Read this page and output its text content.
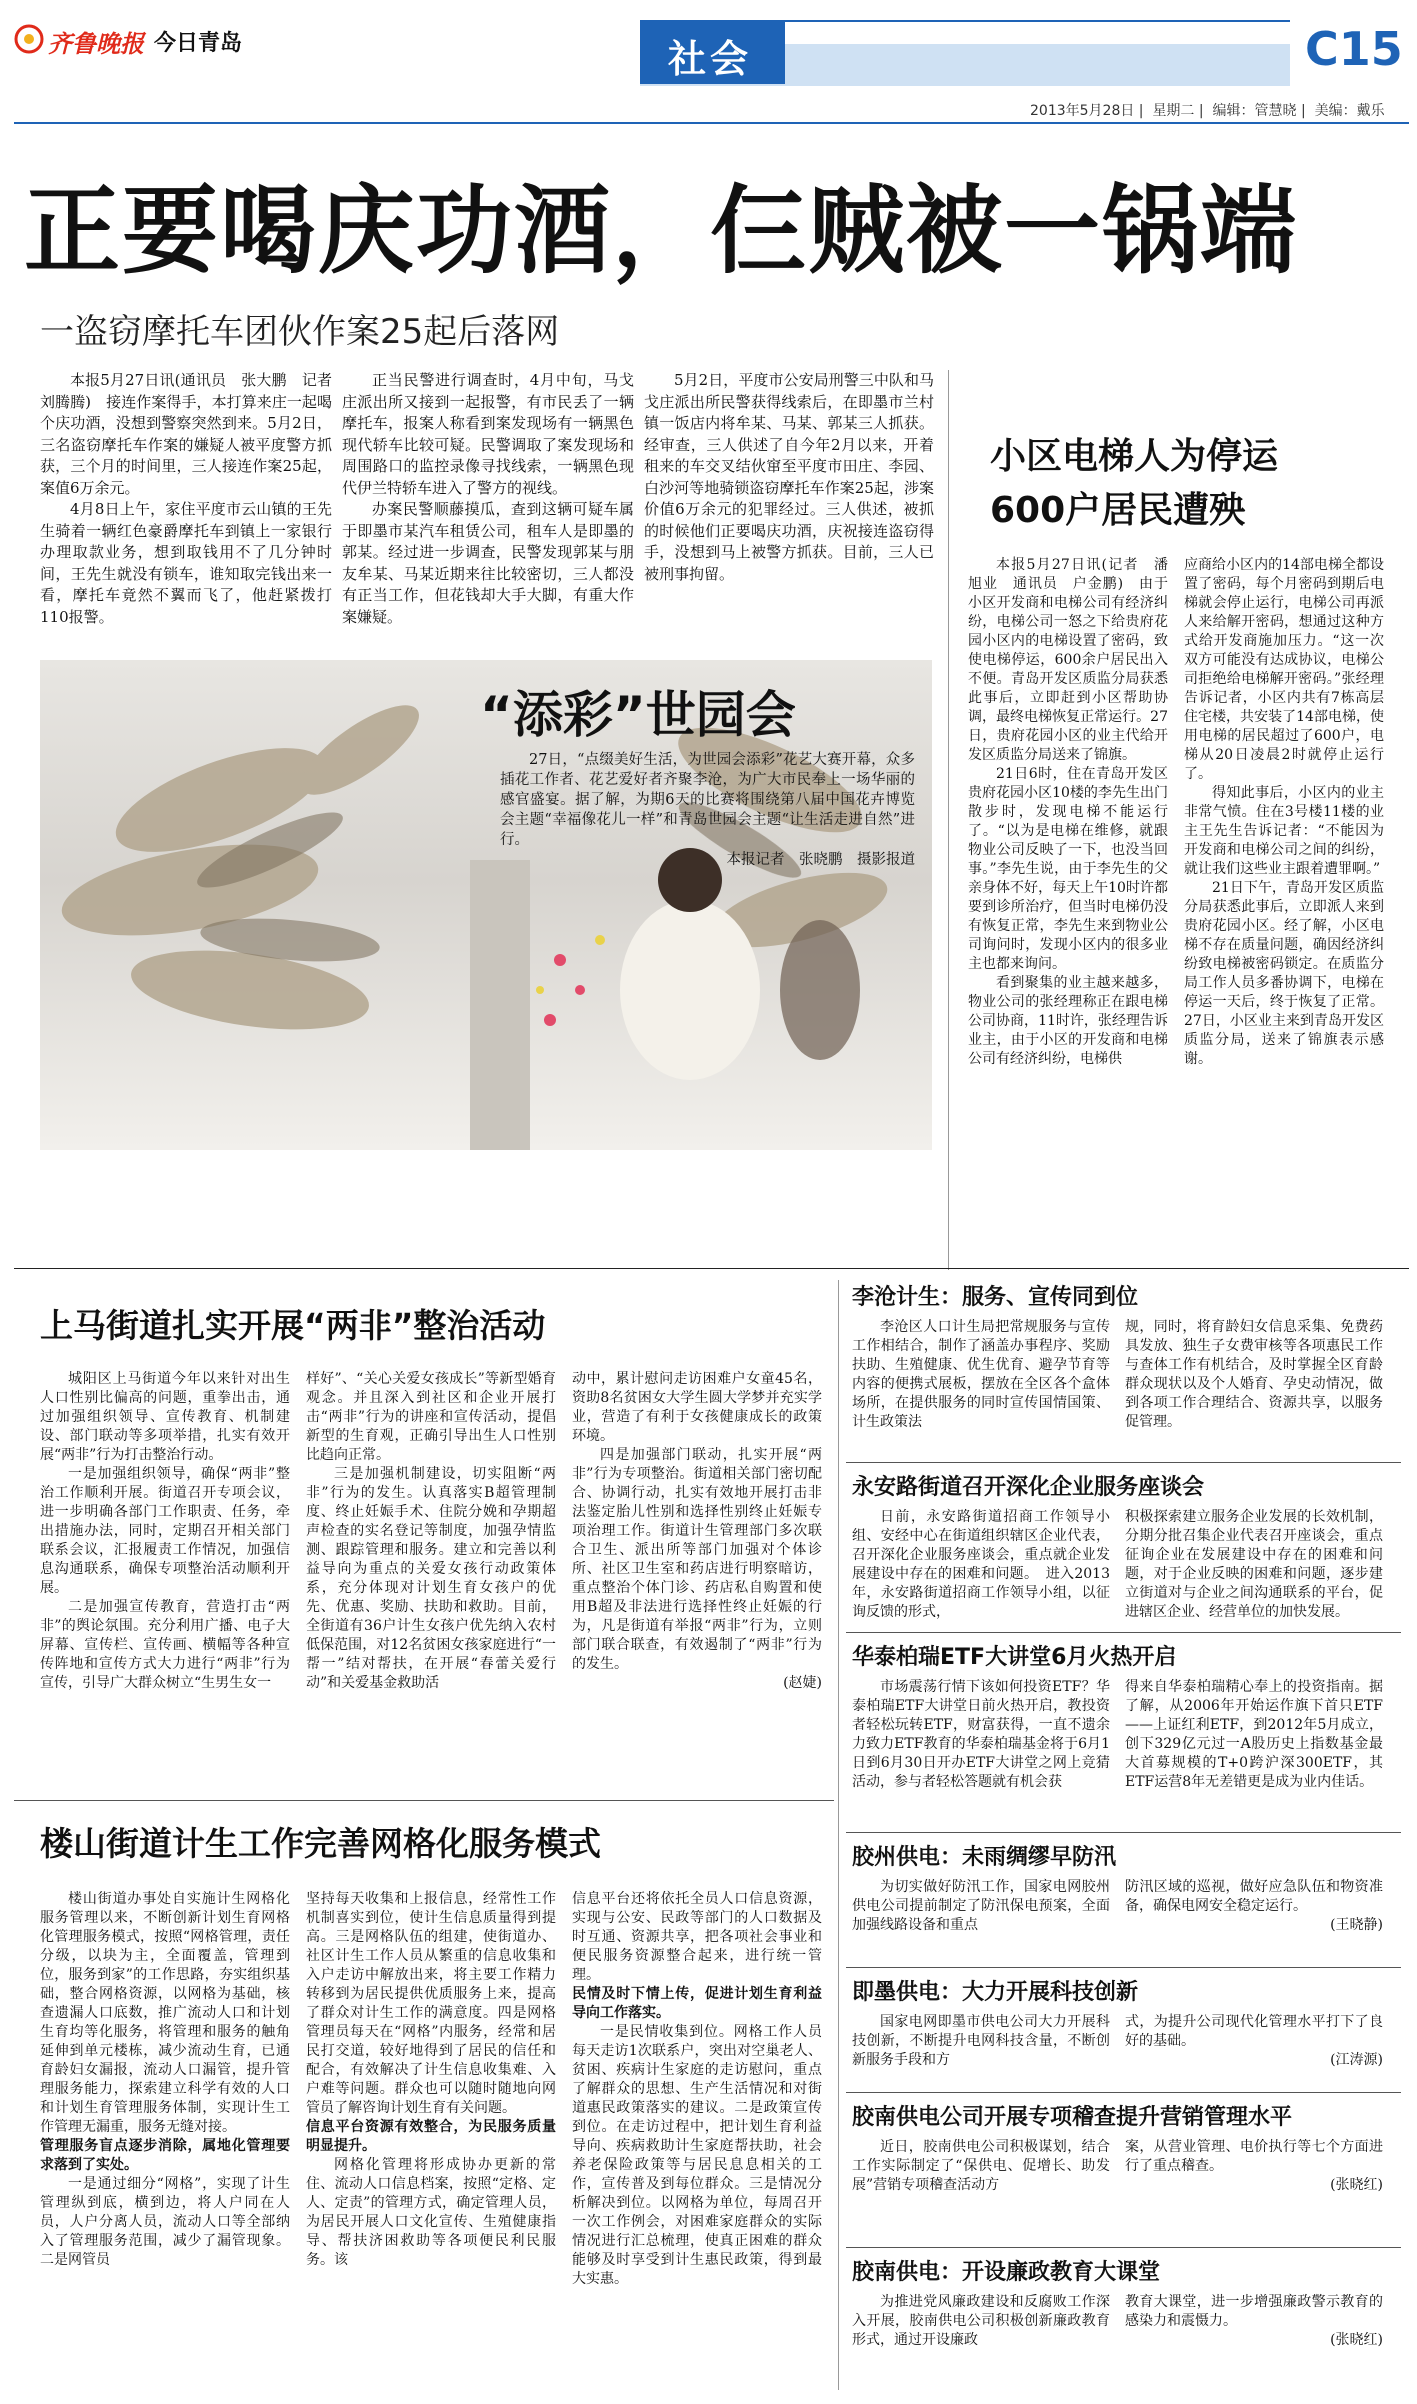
齐鲁晚报 今日青岛	社会	C15
2013年5月28日 |  星期二 |  编辑：管慧晓 |  美编：戴乐
正要喝庆功酒，仨贼被一锅端
一盗窃摩托车团伙作案25起后落网

本报5月27日讯(通讯员　张大鹏　记者　刘腾腾)　接连作案得手，本打算来庄一起喝个庆功酒，没想到警察突然到来。5月2日，三名盗窃摩托车作案的嫌疑人被平度警方抓获，三个月的时间里，三人接连作案25起，案值6万余元。

4月8日上午，家住平度市云山镇的王先生骑着一辆红色豪爵摩托车到镇上一家银行办理取款业务，想到取钱用不了几分钟时间，王先生就没有锁车，谁知取完钱出来一看，摩托车竟然不翼而飞了，他赶紧拨打110报警。

正当民警进行调查时，4月中旬，马戈庄派出所又接到一起报警，有市民丢了一辆摩托车，报案人称看到案发现场有一辆黑色现代轿车比较可疑。民警调取了案发现场和周围路口的监控录像寻找线索，一辆黑色现代伊兰特轿车进入了警方的视线。

办案民警顺藤摸瓜，查到这辆可疑车属于即墨市某汽车租赁公司，租车人是即墨的郭某。经过进一步调查，民警发现郭某与朋友牟某、马某近期来往比较密切，三人都没有正当工作，但花钱却大手大脚，有重大作案嫌疑。

5月2日，平度市公安局刑警三中队和马戈庄派出所民警获得线索后，在即墨市兰村镇一饭店内将牟某、马某、郭某三人抓获。经审查，三人供述了自今年2月以来，开着租来的车交叉结伙窜至平度市田庄、李园、白沙河等地骑锁盗窃摩托车作案25起，涉案价值6万余元的犯罪经过。三人供述，被抓的时候他们正要喝庆功酒，庆祝接连盗窃得手，没想到马上被警方抓获。目前，三人已被刑事拘留。

“添彩”世园会

27日，“点缀美好生活，为世园会添彩”花艺大赛开幕，众多插花工作者、花艺爱好者齐聚李沧，为广大市民奉上一场华丽的感官盛宴。据了解，为期6天的比赛将围绕第八届中国花卉博览会主题“幸福像花儿一样”和青岛世园会主题“让生活走进自然”进行。

本报记者　张晓鹏　摄影报道

小区电梯人为停运
600户居民遭殃

本报5月27日讯(记者　潘旭业　通讯员　户金鹏)　由于小区开发商和电梯公司有经济纠纷，电梯公司一怒之下给贵府花园小区内的电梯设置了密码，致使电梯停运，600余户居民出入不便。青岛开发区质监分局获悉此事后，立即赶到小区帮助协调，最终电梯恢复正常运行。27日，贵府花园小区的业主代给开发区质监分局送来了锦旗。

21日6时，住在青岛开发区贵府花园小区10楼的李先生出门散步时，发现电梯不能运行了。“以为是电梯在维修，就跟物业公司反映了一下，也没当回事。”李先生说，由于李先生的父亲身体不好，每天上午10时许都要到诊所治疗，但当时电梯仍没有恢复正常，李先生来到物业公司询问时，发现小区内的很多业主也都来询问。

看到聚集的业主越来越多，物业公司的张经理称正在跟电梯公司协商，11时许，张经理告诉业主，由于小区的开发商和电梯公司有经济纠纷，电梯供

应商给小区内的14部电梯全都设置了密码，每个月密码到期后电梯就会停止运行，电梯公司再派人来给解开密码，想通过这种方式给开发商施加压力。“这一次双方可能没有达成协议，电梯公司拒绝给电梯解开密码。”张经理告诉记者，小区内共有7栋高层住宅楼，共安装了14部电梯，使用电梯的居民超过了600户，电梯从20日凌晨2时就停止运行了。

得知此事后，小区内的业主非常气愤。住在3号楼11楼的业主王先生告诉记者：“不能因为开发商和电梯公司之间的纠纷，就让我们这些业主跟着遭罪啊。”

21日下午，青岛开发区质监分局获悉此事后，立即派人来到贵府花园小区。经了解，小区电梯不存在质量问题，确因经济纠纷致电梯被密码锁定。在质监分局工作人员多番协调下，电梯在停运一天后，终于恢复了正常。27日，小区业主来到青岛开发区质监分局，送来了锦旗表示感谢。

上马街道扎实开展“两非”整治活动

城阳区上马街道今年以来针对出生人口性别比偏高的问题，重拳出击，通过加强组织领导、宣传教育、机制建设、部门联动等多项举措，扎实有效开展“两非”行为打击整治行动。

一是加强组织领导，确保“两非”整治工作顺利开展。街道召开专项会议，进一步明确各部门工作职责、任务，牵出措施办法，同时，定期召开相关部门联系会议，汇报履责工作情况，加强信息沟通联系，确保专项整治活动顺利开展。

二是加强宣传教育，营造打击“两非”的舆论氛围。充分利用广播、电子大屏幕、宣传栏、宣传画、横幅等各种宣传阵地和宣传方式大力进行“两非”行为宣传，引导广大群众树立“生男生女一

样好”、“关心关爱女孩成长”等新型婚育观念。并且深入到社区和企业开展打击“两非”行为的讲座和宣传活动，提倡新型的生育观，正确引导出生人口性别比趋向正常。

三是加强机制建设，切实阻断“两非”行为的发生。认真落实B超管理制度、终止妊娠手术、住院分娩和孕期超声检查的实名登记等制度，加强孕情监测、跟踪管理和服务。建立和完善以利益导向为重点的关爱女孩行动政策体系，充分体现对计划生育女孩户的优先、优惠、奖励、扶助和救助。目前，全街道有36户计生女孩户优先纳入农村低保范围，对12名贫困女孩家庭进行“一帮一”结对帮扶，在开展“春蕾关爱行动”和关爱基金救助活

动中，累计慰问走访困难户女童45名，资助8名贫困女大学生圆大学梦并充实学业，营造了有利于女孩健康成长的政策环境。

四是加强部门联动，扎实开展“两非”行为专项整治。街道相关部门密切配合、协调行动，扎实有效地开展打击非法鉴定胎儿性别和选择性别终止妊娠专项治理工作。街道计生管理部门多次联合卫生、派出所等部门加强对个体诊所、社区卫生室和药店进行明察暗访，重点整治个体门诊、药店私自购置和使用B超及非法进行选择性终止妊娠的行为，凡是街道有举报“两非”行为，立则部门联合联查，有效遏制了“两非”行为的发生。

(赵婕)

楼山街道计生工作完善网格化服务模式

楼山街道办事处自实施计生网格化服务管理以来，不断创新计划生育网格化管理服务模式，按照“网格管理，责任分级，以块为主，全面覆盖，管理到位，服务到家”的工作思路，夯实组织基础，整合网格资源，以网格为基础，核查遗漏人口底数，推广流动人口和计划生育均等化服务，将管理和服务的触角延伸到单元楼栋，减少流动生育，已通育龄妇女漏报，流动人口漏管，提升管理服务能力，探索建立科学有效的人口和计划生育管理服务体制，实现计生工作管理无漏重，服务无缝对接。

管理服务盲点逐步消除，属地化管理要求落到了实处。

一是通过细分“网格”，实现了计生管理纵到底，横到边，将人户同在人员，人户分离人员，流动人口等全部纳入了管理服务范围，减少了漏管现象。二是网管员

坚持每天收集和上报信息，经常性工作机制喜实到位，使计生信息质量得到提高。三是网格队伍的组建，使街道办、社区计生工作人员从繁重的信息收集和入户走访中解放出来，将主要工作精力转移到为居民提供优质服务上来，提高了群众对计生工作的满意度。四是网格管理员每天在“网格”内服务，经常和居民打交道，较好地得到了居民的信任和配合，有效解决了计生信息收集难、入户难等问题。群众也可以随时随地向网管员了解咨询计划生育有关问题。

信息平台资源有效整合，为民服务质量明显提升。

网格化管理将形成协办更新的常住、流动人口信息档案，按照“定格、定人、定责”的管理方式，确定管理人员，为居民开展人口文化宣传、生殖健康指导、帮扶济困救助等各项便民利民服务。该

信息平台还将依托全员人口信息资源，实现与公安、民政等部门的人口数据及时互通、资源共享，把各项社会事业和便民服务资源整合起来，进行统一管理。

民情及时下情上传，促进计划生育利益导向工作落实。

一是民情收集到位。网格工作人员每天走访1次联系户，突出对空巢老人、贫困、疾病计生家庭的走访慰问，重点了解群众的思想、生产生活情况和对街道惠民政策落实的建议。二是政策宣传到位。在走访过程中，把计划生育利益导向、疾病救助计生家庭帮扶助，社会养老保险政策等与居民息息相关的工作，宣传普及到每位群众。三是情况分析解决到位。以网格为单位，每周召开一次工作例会，对困难家庭群众的实际情况进行汇总梳理，使真正困难的群众能够及时享受到计生惠民政策，得到最大实惠。

李沧计生：服务、宣传同到位

李沧区人口计生局把常规服务与宣传工作相结合，制作了涵盖办事程序、奖励扶助、生殖健康、优生优育、避孕节育等内容的便携式展板，摆放在全区各个盒体场所，在提供服务的同时宣传国情国策、计生政策法

规，同时，将育龄妇女信息采集、免费药具发放、独生子女费审核等各项惠民工作与查体工作有机结合，及时掌握全区育龄群众现状以及个人婚育、孕史动情况，做到各项工作合理结合、资源共享，以服务促管理。

永安路街道召开深化企业服务座谈会

日前，永安路街道招商工作领导小组、安经中心在街道组织辖区企业代表，召开深化企业服务座谈会，重点就企业发展建设中存在的困难和问题。　进入2013年，永安路街道招商工作领导小组，以征询反馈的形式，

积极探索建立服务企业发展的长效机制，分期分批召集企业代表召开座谈会，重点征询企业在发展建设中存在的困难和问题，对于企业反映的困难和问题，逐步建立街道对与企业之间沟通联系的平台，促进辖区企业、经营单位的加快发展。

华泰柏瑞ETF大讲堂6月火热开启

市场震荡行情下该如何投资ETF？华泰柏瑞ETF大讲堂日前火热开启，教投资者轻松玩转ETF，财富获得，一直不遗余力致力ETF教育的华泰柏瑞基金将于6月1日到6月30日开办ETF大讲堂之网上竞猜活动，参与者轻松答题就有机会获

得来自华泰柏瑞精心奉上的投资指南。据了解，从2006年开始运作旗下首只ETF——上证红利ETF，到2012年5月成立，创下329亿元过一A股历史上指数基金最大首募规模的T+0跨沪深300ETF，其ETF运营8年无差错更是成为业内佳话。

胶州供电：未雨绸缪早防汛

为切实做好防汛工作，国家电网胶州供电公司提前制定了防汛保电预案，全面加强线路设备和重点

防汛区域的巡视，做好应急队伍和物资准备，确保电网安全稳定运行。

(王晓静)

即墨供电：大力开展科技创新

国家电网即墨市供电公司大力开展科技创新，不断提升电网科技含量，不断创新服务手段和方

式，为提升公司现代化管理水平打下了良好的基础。

(江涛源)

胶南供电公司开展专项稽查提升营销管理水平

近日，胶南供电公司积极谋划，结合工作实际制定了“保供电、促增长、助发展”营销专项稽查活动方

案，从营业管理、电价执行等七个方面进行了重点稽查。

(张晓红)

胶南供电：开设廉政教育大课堂

为推进党风廉政建设和反腐败工作深入开展，胶南供电公司积极创新廉政教育形式，通过开设廉政

教育大课堂，进一步增强廉政警示教育的感染力和震慑力。

(张晓红)
